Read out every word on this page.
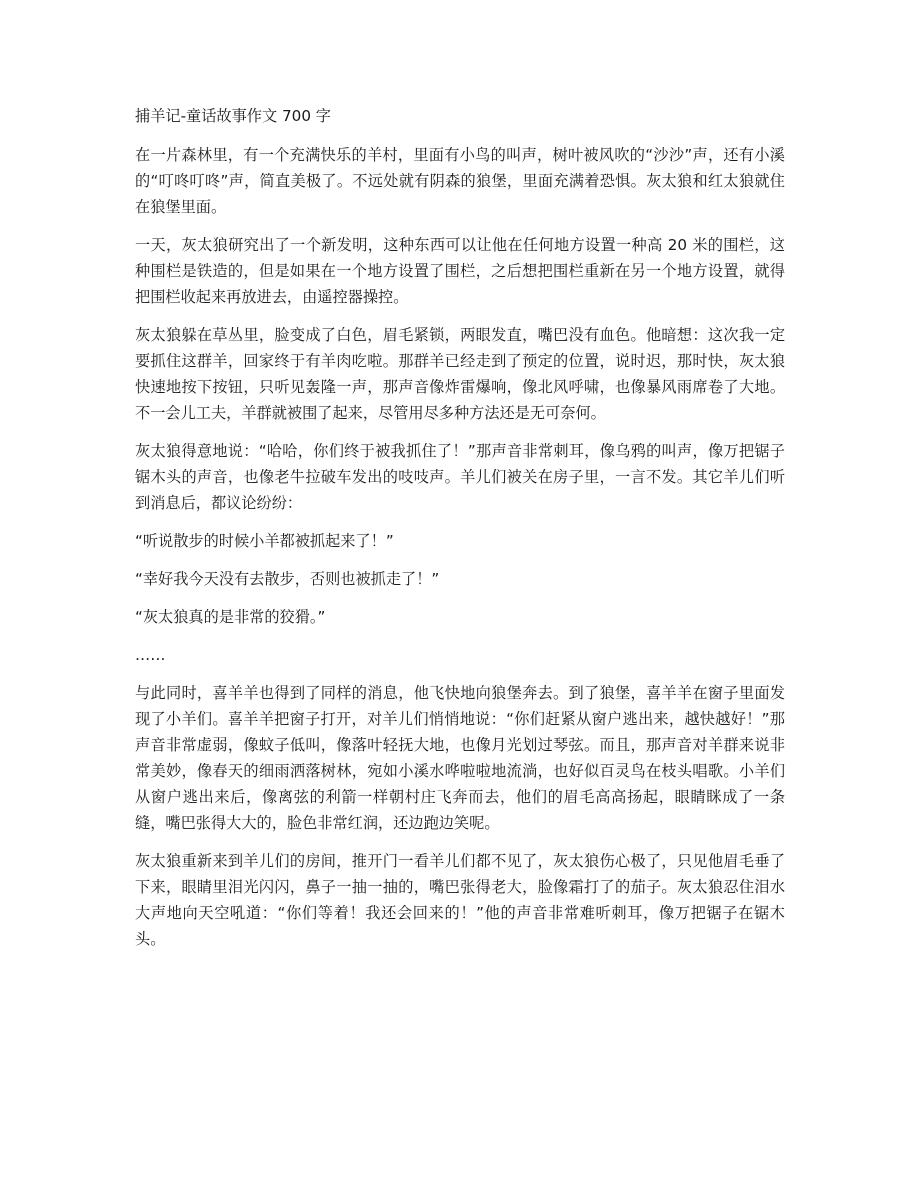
捕羊记-童话故事作文 700 字
在一片森林里，有一个充满快乐的羊村，里面有小鸟的叫声，树叶被风吹的“沙沙”声，还有小溪的“叮咚叮咚”声，简直美极了。不远处就有阴森的狼堡，里面充满着恐惧。灰太狼和红太狼就住在狼堡里面。
一天，灰太狼研究出了一个新发明，这种东西可以让他在任何地方设置一种高 20 米的围栏，这种围栏是铁造的，但是如果在一个地方设置了围栏，之后想把围栏重新在另一个地方设置，就得把围栏收起来再放进去，由遥控器操控。
灰太狼躲在草丛里，脸变成了白色，眉毛紧锁，两眼发直，嘴巴没有血色。他暗想：这次我一定要抓住这群羊，回家终于有羊肉吃啦。那群羊已经走到了预定的位置，说时迟，那时快，灰太狼快速地按下按钮，只听见轰隆一声，那声音像炸雷爆响，像北风呼啸，也像暴风雨席卷了大地。不一会儿工夫，羊群就被围了起来，尽管用尽多种方法还是无可奈何。
灰太狼得意地说：“哈哈，你们终于被我抓住了！”那声音非常刺耳，像乌鸦的叫声，像万把锯子锯木头的声音，也像老牛拉破车发出的吱吱声。羊儿们被关在房子里，一言不发。其它羊儿们听到消息后，都议论纷纷：
“听说散步的时候小羊都被抓起来了！”
“幸好我今天没有去散步，否则也被抓走了！”
“灰太狼真的是非常的狡猾。”
……
与此同时，喜羊羊也得到了同样的消息，他飞快地向狼堡奔去。到了狼堡，喜羊羊在窗子里面发现了小羊们。喜羊羊把窗子打开，对羊儿们悄悄地说：“你们赶紧从窗户逃出来，越快越好！”那声音非常虚弱，像蚊子低叫，像落叶轻抚大地，也像月光划过琴弦。而且，那声音对羊群来说非常美妙，像春天的细雨洒落树林，宛如小溪水哗啦啦地流淌，也好似百灵鸟在枝头唱歌。小羊们从窗户逃出来后，像离弦的利箭一样朝村庄飞奔而去，他们的眉毛高高扬起，眼睛眯成了一条缝，嘴巴张得大大的，脸色非常红润，还边跑边笑呢。
灰太狼重新来到羊儿们的房间，推开门一看羊儿们都不见了，灰太狼伤心极了，只见他眉毛垂了下来，眼睛里泪光闪闪，鼻子一抽一抽的，嘴巴张得老大，脸像霜打了的茄子。灰太狼忍住泪水大声地向天空吼道：“你们等着！我还会回来的！”他的声音非常难听刺耳，像万把锯子在锯木头。
